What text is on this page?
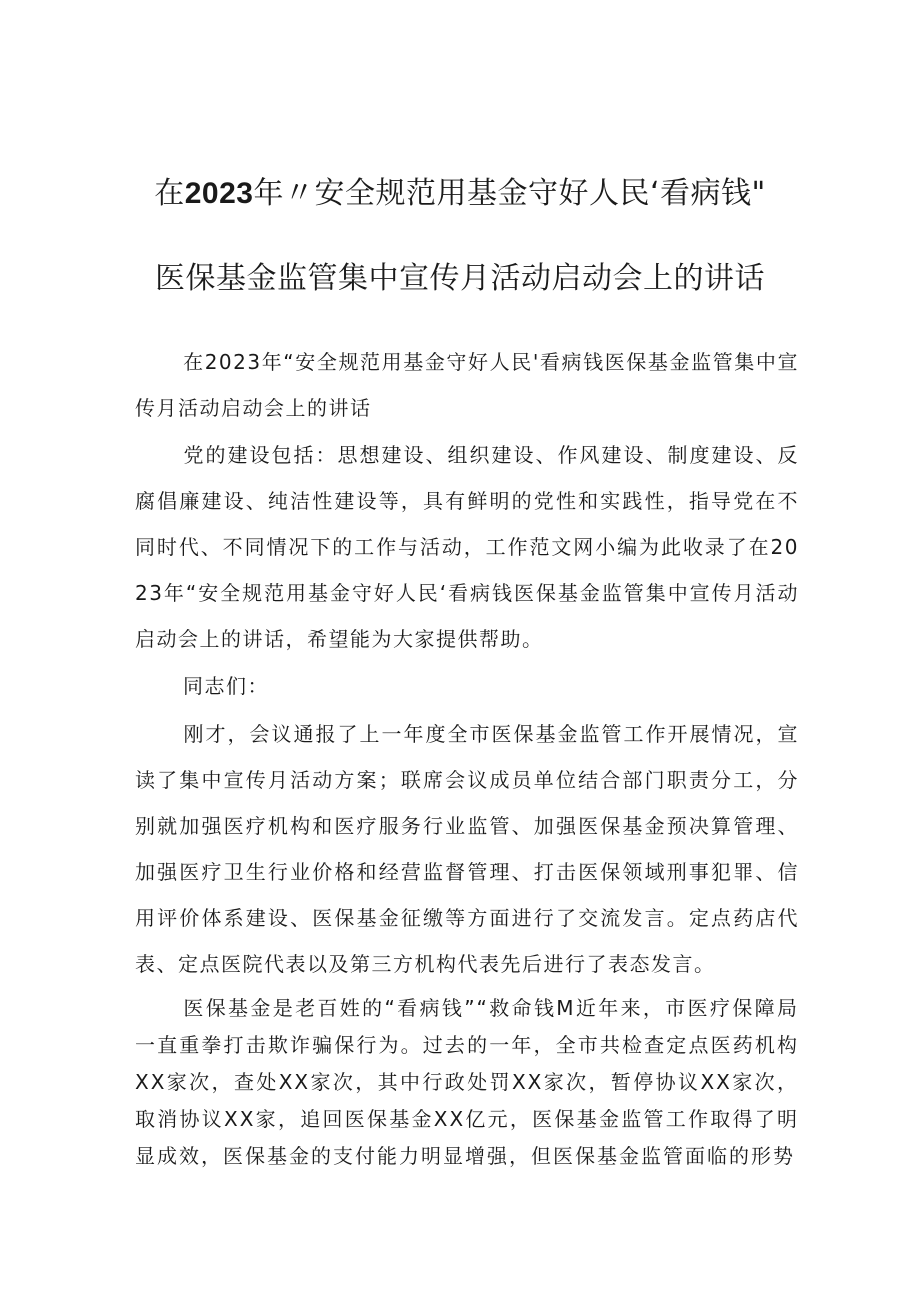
在2023年〃安全规范用基金守好人民‘看病钱"
医保基金监管集中宣传月活动启动会上的讲话

在2023年“安全规范用基金守好人民'看病钱医保基金监管集中宣传月活动启动会上的讲话

党的建设包括：思想建设、组织建设、作风建设、制度建设、反腐倡廉建设、纯洁性建设等，具有鲜明的党性和实践性，指导党在不同时代、不同情况下的工作与活动，工作范文网小编为此收录了在2023年“安全规范用基金守好人民‘看病钱医保基金监管集中宣传月活动启动会上的讲话，希望能为大家提供帮助。

同志们：

刚才，会议通报了上一年度全市医保基金监管工作开展情况，宣读了集中宣传月活动方案；联席会议成员单位结合部门职责分工，分别就加强医疗机构和医疗服务行业监管、加强医保基金预决算管理、加强医疗卫生行业价格和经营监督管理、打击医保领域刑事犯罪、信用评价体系建设、医保基金征缴等方面进行了交流发言。定点药店代表、定点医院代表以及第三方机构代表先后进行了表态发言。

医保基金是老百姓的“看病钱”“救命钱M近年来，市医疗保障局一直重拳打击欺诈骗保行为。过去的一年，全市共检查定点医药机构XX家次，查处XX家次，其中行政处罚XX家次，暂停协议XX家次，取消协议XX家，追回医保基金XX亿元，医保基金监管工作取得了明显成效，医保基金的支付能力明显增强，但医保基金监管面临的形势
